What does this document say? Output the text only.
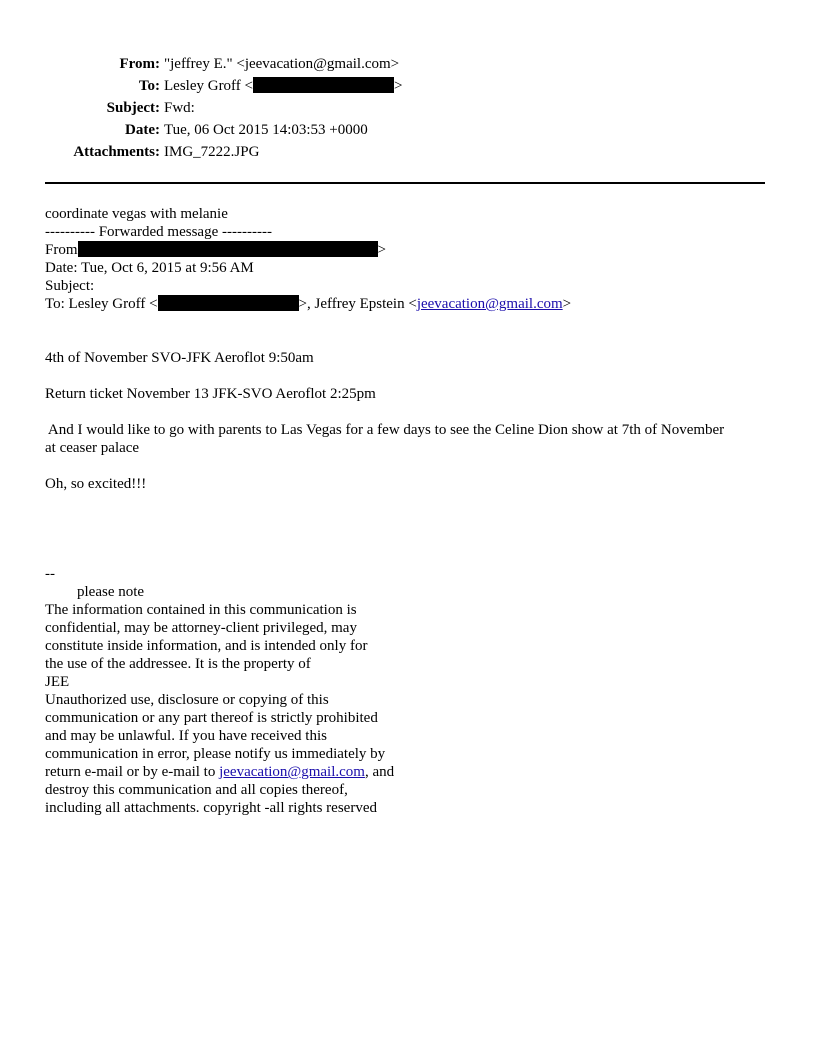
From: "jeffrey E." <jeevacation@gmail.com>
To: Lesley Groff <	>
Subject: Fwd:
Date: Tue, 06 Oct 2015 14:03:53 +0000
Attachments: IMG_7222.JPG
coordinate vegas with melanie
---------- Forwarded message ----------
From	>
Date: Tue, Oct 6, 2015 at 9:56 AM
Subject:
To: Lesley Groff <	>, Jeffrey Epstein <jeevacation@gmail.com>
4th of November SVO-JFK Aeroflot 9:50am
Return ticket November 13 JFK-SVO Aeroflot 2:25pm
And I would like to go with parents to Las Vegas for a few days to see the Celine Dion show at 7th of November
at ceaser palace
Oh, so excited!!!
--
please note
The information contained in this communication is
confidential, may be attorney-client privileged, may
constitute inside information, and is intended only for
the use of the addressee. It is the property of
JEE
Unauthorized use, disclosure or copying of this
communication or any part thereof is strictly prohibited
and may be unlawful. If you have received this
communication in error, please notify us immediately by
return e-mail or by e-mail to jeevacation@gmail.com, and
destroy this communication and all copies thereof,
including all attachments. copyright -all rights reserved
